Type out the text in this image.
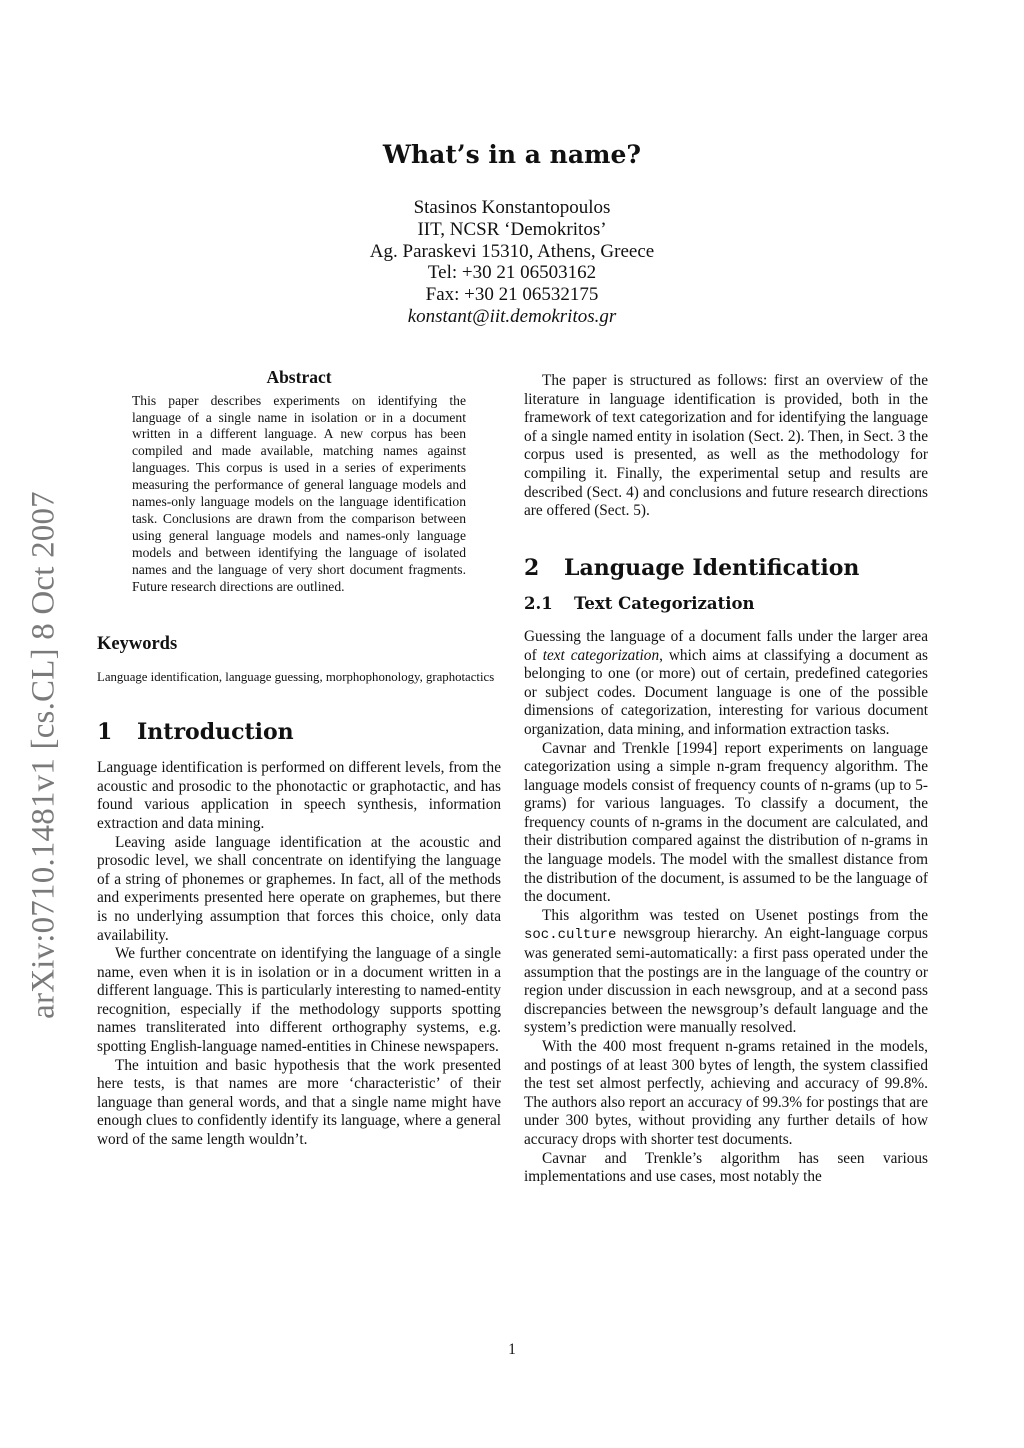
arXiv:0710.1481v1 [cs.CL] 8 Oct 2007
What’s in a name?
Stasinos Konstantopoulos
IIT, NCSR ‘Demokritos’
Ag. Paraskevi 15310, Athens, Greece
Tel: +30 21 06503162
Fax: +30 21 06532175
konstant@iit.demokritos.gr
Abstract
This paper describes experiments on identifying the language of a single name in isolation or in a document written in a different language. A new corpus has been compiled and made available, matching names against languages. This corpus is used in a series of experiments measuring the performance of general language models and names-only language models on the language identification task. Conclusions are drawn from the comparison between using general language models and names-only language models and between identifying the language of isolated names and the language of very short document fragments. Future research directions are outlined.
Keywords
Language identification, language guessing, morphophonology, graphotactics
1	Introduction

Language identification is performed on different levels, from the acoustic and prosodic to the phonotactic or graphotactic, and has found various application in speech synthesis, information extraction and data mining.

Leaving aside language identification at the acoustic and prosodic level, we shall concentrate on identifying the language of a string of phonemes or graphemes. In fact, all of the methods and experiments presented here operate on graphemes, but there is no underlying assumption that forces this choice, only data availability.

We further concentrate on identifying the language of a single name, even when it is in isolation or in a document written in a different language. This is particularly interesting to named-entity recognition, especially if the methodology supports spotting names transliterated into different orthography systems, e.g. spotting English-language named-entities in Chinese newspapers.

The intuition and basic hypothesis that the work presented here tests, is that names are more ‘characteristic’ of their language than general words, and that a single name might have enough clues to confidently identify its language, where a general word of the same length wouldn’t.

The paper is structured as follows: first an overview of the literature in language identification is provided, both in the framework of text categorization and for identifying the language of a single named entity in isolation (Sect. 2). Then, in Sect. 3 the corpus used is presented, as well as the methodology for compiling it. Finally, the experimental setup and results are described (Sect. 4) and conclusions and future research directions are offered (Sect. 5).

2	Language Identification
2.1	Text Categorization

Guessing the language of a document falls under the larger area of text categorization, which aims at classifying a document as belonging to one (or more) out of certain, predefined categories or subject codes. Document language is one of the possible dimensions of categorization, interesting for various document organization, data mining, and information extraction tasks.

Cavnar and Trenkle [1994] report experiments on language categorization using a simple n-gram frequency algorithm. The language models consist of frequency counts of n-grams (up to 5-grams) for various languages. To classify a document, the frequency counts of n-grams in the document are calculated, and their distribution compared against the distribution of n-grams in the language models. The model with the smallest distance from the distribution of the document, is assumed to be the language of the document.

This algorithm was tested on Usenet postings from the soc.culture newsgroup hierarchy. An eight-language corpus was generated semi-automatically: a first pass operated under the assumption that the postings are in the language of the country or region under discussion in each newsgroup, and at a second pass discrepancies between the newsgroup’s default language and the system’s prediction were manually resolved.

With the 400 most frequent n-grams retained in the models, and postings of at least 300 bytes of length, the system classified the test set almost perfectly, achieving and accuracy of 99.8%. The authors also report an accuracy of 99.3% for postings that are under 300 bytes, without providing any further details of how accuracy drops with shorter test documents.

Cavnar and Trenkle’s algorithm has seen various implementations and use cases, most notably the

1
